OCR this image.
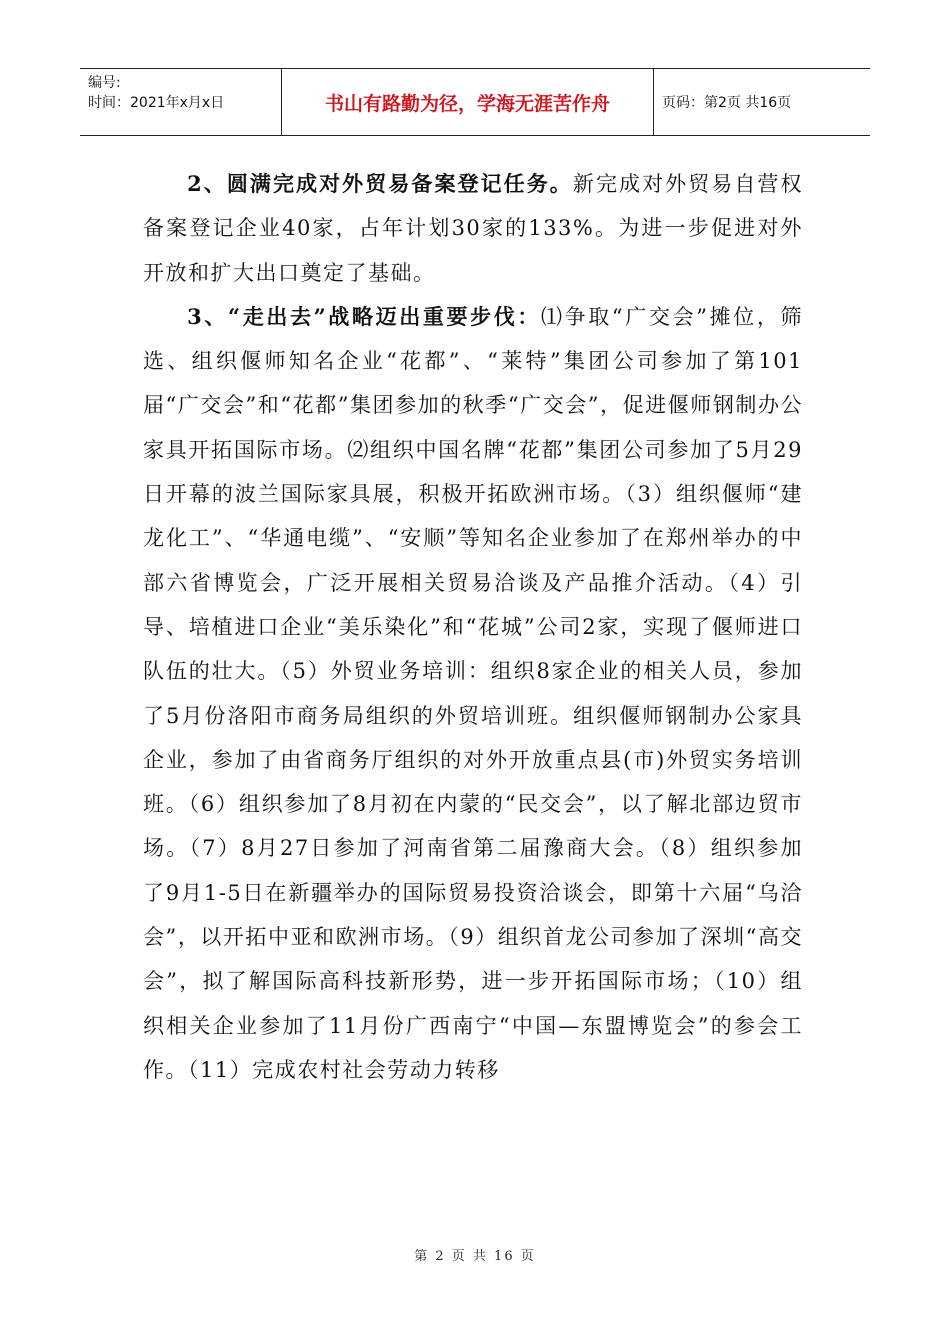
编号:
时间：2021年x月x日	书山有路勤为径，学海无涯苦作舟	页码：第2页 共16页

2、圆满完成对外贸易备案登记任务。新完成对外贸易自营权备案登记企业40家，占年计划30家的133%。为进一步促进对外开放和扩大出口奠定了基础。

3、“走出去”战略迈出重要步伐：⑴争取“广交会”摊位，筛选、组织偃师知名企业“花都”、“莱特”集团公司参加了第101届“广交会”和“花都”集团参加的秋季“广交会”，促进偃师钢制办公家具开拓国际市场。⑵组织中国名牌“花都”集团公司参加了5月29日开幕的波兰国际家具展，积极开拓欧洲市场。（3）组织偃师“建龙化工”、“华通电缆”、“安顺”等知名企业参加了在郑州举办的中部六省博览会，广泛开展相关贸易洽谈及产品推介活动。（4）引导、培植进口企业“美乐染化”和“花城”公司2家，实现了偃师进口队伍的壮大。（5）外贸业务培训：组织8家企业的相关人员，参加了5月份洛阳市商务局组织的外贸培训班。组织偃师钢制办公家具企业，参加了由省商务厅组织的对外开放重点县(市)外贸实务培训班。（6）组织参加了8月初在内蒙的“民交会”，以了解北部边贸市场。（7）8月27日参加了河南省第二届豫商大会。（8）组织参加了9月1-5日在新疆举办的国际贸易投资洽谈会，即第十六届“乌洽会”，以开拓中亚和欧洲市场。（9）组织首龙公司参加了深圳“高交会”，拟了解国际高科技新形势，进一步开拓国际市场；（10）组织相关企业参加了11月份广西南宁“中国—东盟博览会”的参会工作。（11）完成农村社会劳动力转移

第 2 页 共 16 页
